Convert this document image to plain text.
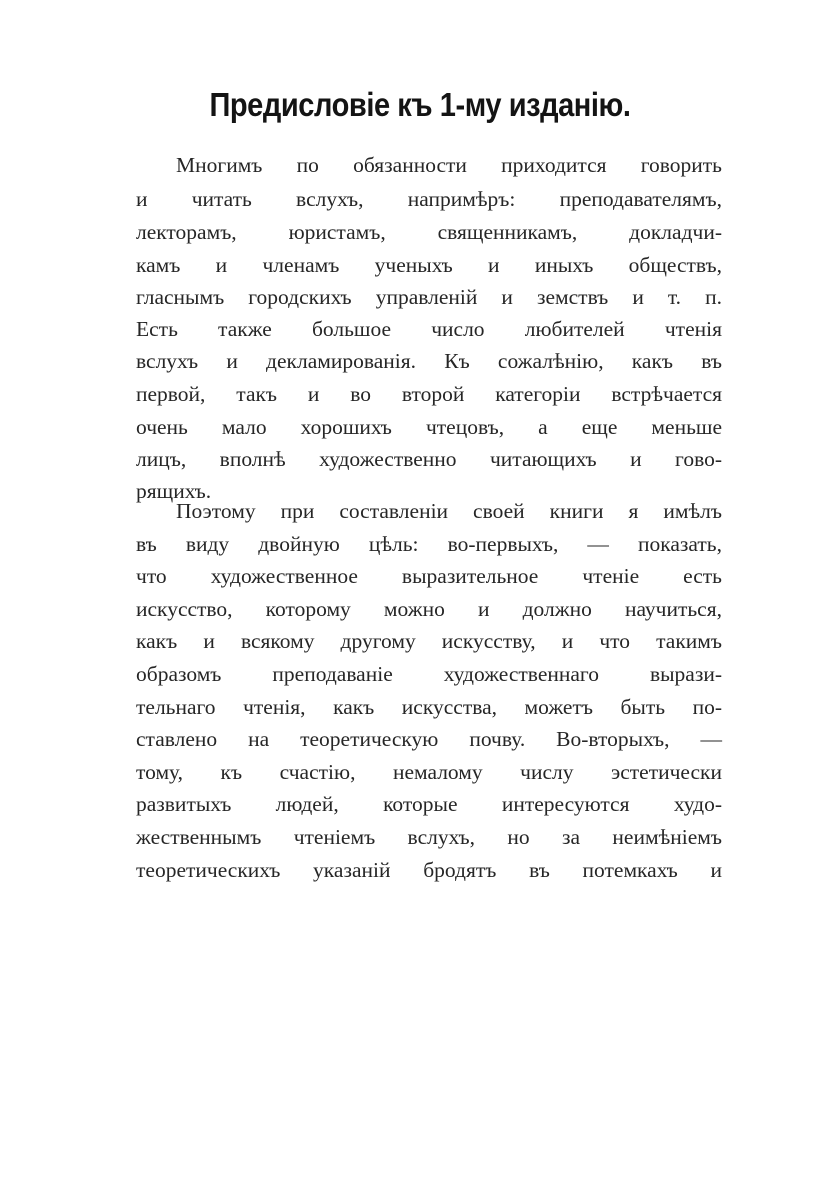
Предисловіе къ 1-му изданію.
Многимъ по обязанности приходится говорить
и читать вслухъ, напримѣръ: преподавателямъ,
лекторамъ, юристамъ, священникамъ, докладчи-
камъ и членамъ ученыхъ и иныхъ обществъ,
гласнымъ городскихъ управленій и земствъ и т. п.
Есть также большое число любителей чтенія
вслухъ и декламированія. Къ сожалѣнію, какъ въ
первой, такъ и во второй категоріи встрѣчается
очень мало хорошихъ чтецовъ, а еще меньше
лицъ, вполнѣ художественно читающихъ и гово-
рящихъ.
Поэтому при составленіи своей книги я имѣлъ
въ виду двойную цѣль: во-первыхъ, — показать,
что художественное выразительное чтеніе есть
искусство, которому можно и должно научиться,
какъ и всякому другому искусству, и что такимъ
образомъ преподаваніе художественнаго вырази-
тельнаго чтенія, какъ искусства, можетъ быть по-
ставлено на теоретическую почву. Во-вторыхъ, —
тому, къ счастію, немалому числу эстетически
развитыхъ людей, которые интересуются худо-
жественнымъ чтеніемъ вслухъ, но за неимѣніемъ
теоретическихъ указаній бродятъ въ потемкахъ и
